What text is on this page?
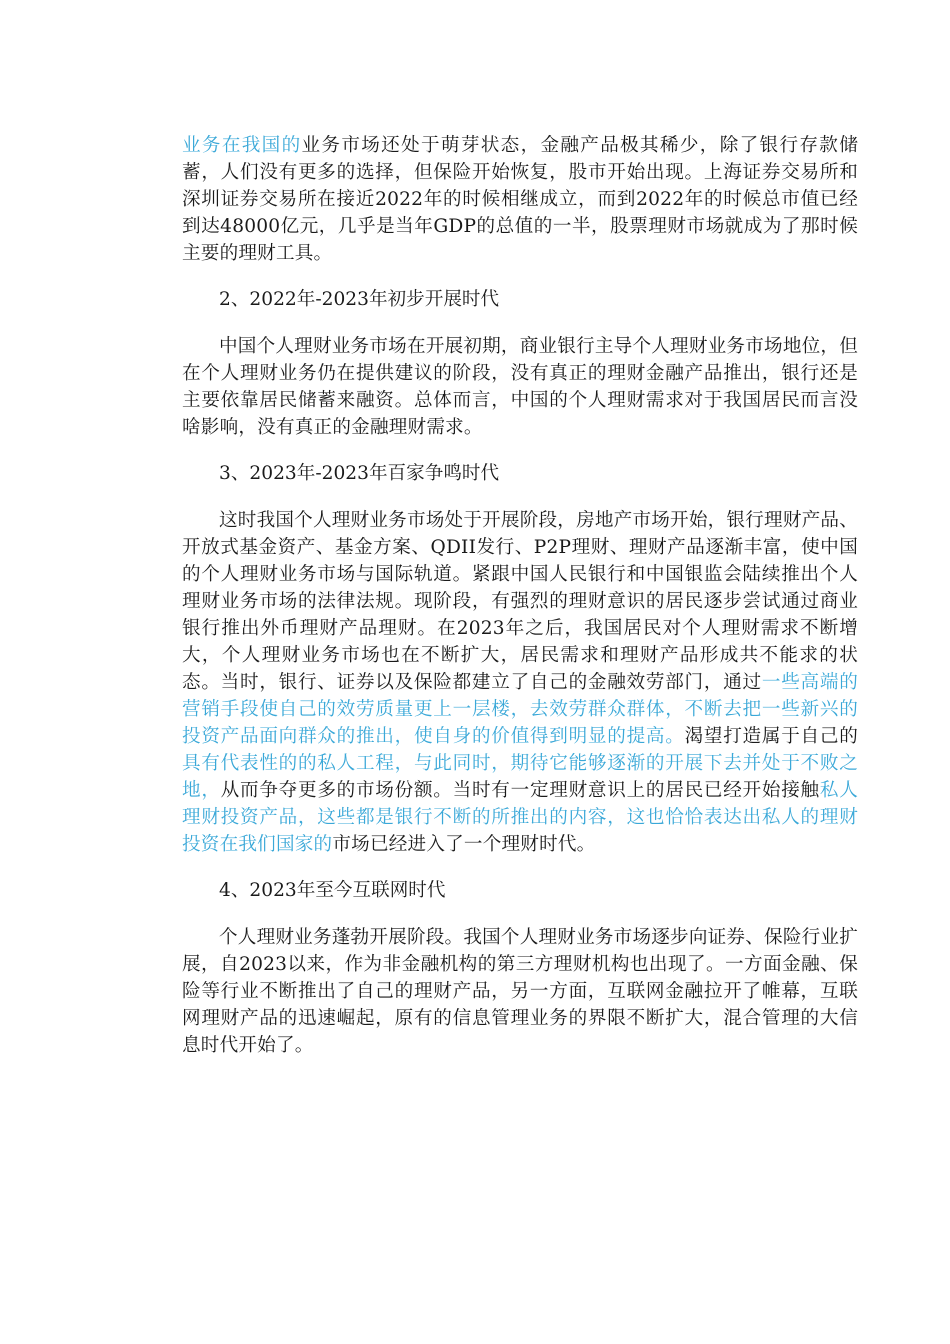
业务在我国的业务市场还处于萌芽状态，金融产品极其稀少，除了银行存款储蓄，人们没有更多的选择，但保险开始恢复，股市开始出现。上海证券交易所和深圳证券交易所在接近2022年的时候相继成立，而到2022年的时候总市值已经到达48000亿元，几乎是当年GDP的总值的一半，股票理财市场就成为了那时候主要的理财工具。

2、2022年-2023年初步开展时代

中国个人理财业务市场在开展初期，商业银行主导个人理财业务市场地位，但在个人理财业务仍在提供建议的阶段，没有真正的理财金融产品推出，银行还是主要依靠居民储蓄来融资。总体而言，中国的个人理财需求对于我国居民而言没啥影响，没有真正的金融理财需求。

3、2023年-2023年百家争鸣时代

这时我国个人理财业务市场处于开展阶段，房地产市场开始，银行理财产品、开放式基金资产、基金方案、QDII发行、P2P理财、理财产品逐渐丰富，使中国的个人理财业务市场与国际轨道。紧跟中国人民银行和中国银监会陆续推出个人理财业务市场的法律法规。现阶段，有强烈的理财意识的居民逐步尝试通过商业银行推出外币理财产品理财。在2023年之后，我国居民对个人理财需求不断增大，个人理财业务市场也在不断扩大，居民需求和理财产品形成共不能求的状态。当时，银行、证券以及保险都建立了自己的金融效劳部门，通过一些高端的营销手段使自己的效劳质量更上一层楼，去效劳群众群体，不断去把一些新兴的投资产品面向群众的推出，使自身的价值得到明显的提高。渴望打造属于自己的具有代表性的的私人工程，与此同时，期待它能够逐渐的开展下去并处于不败之地，从而争夺更多的市场份额。当时有一定理财意识上的居民已经开始接触私人理财投资产品，这些都是银行不断的所推出的内容，这也恰恰表达出私人的理财投资在我们国家的市场已经进入了一个理财时代。

4、2023年至今互联网时代

个人理财业务蓬勃开展阶段。我国个人理财业务市场逐步向证券、保险行业扩展，自2023以来，作为非金融机构的第三方理财机构也出现了。一方面金融、保险等行业不断推出了自己的理财产品，另一方面，互联网金融拉开了帷幕，互联网理财产品的迅速崛起，原有的信息管理业务的界限不断扩大，混合管理的大信息时代开始了。
